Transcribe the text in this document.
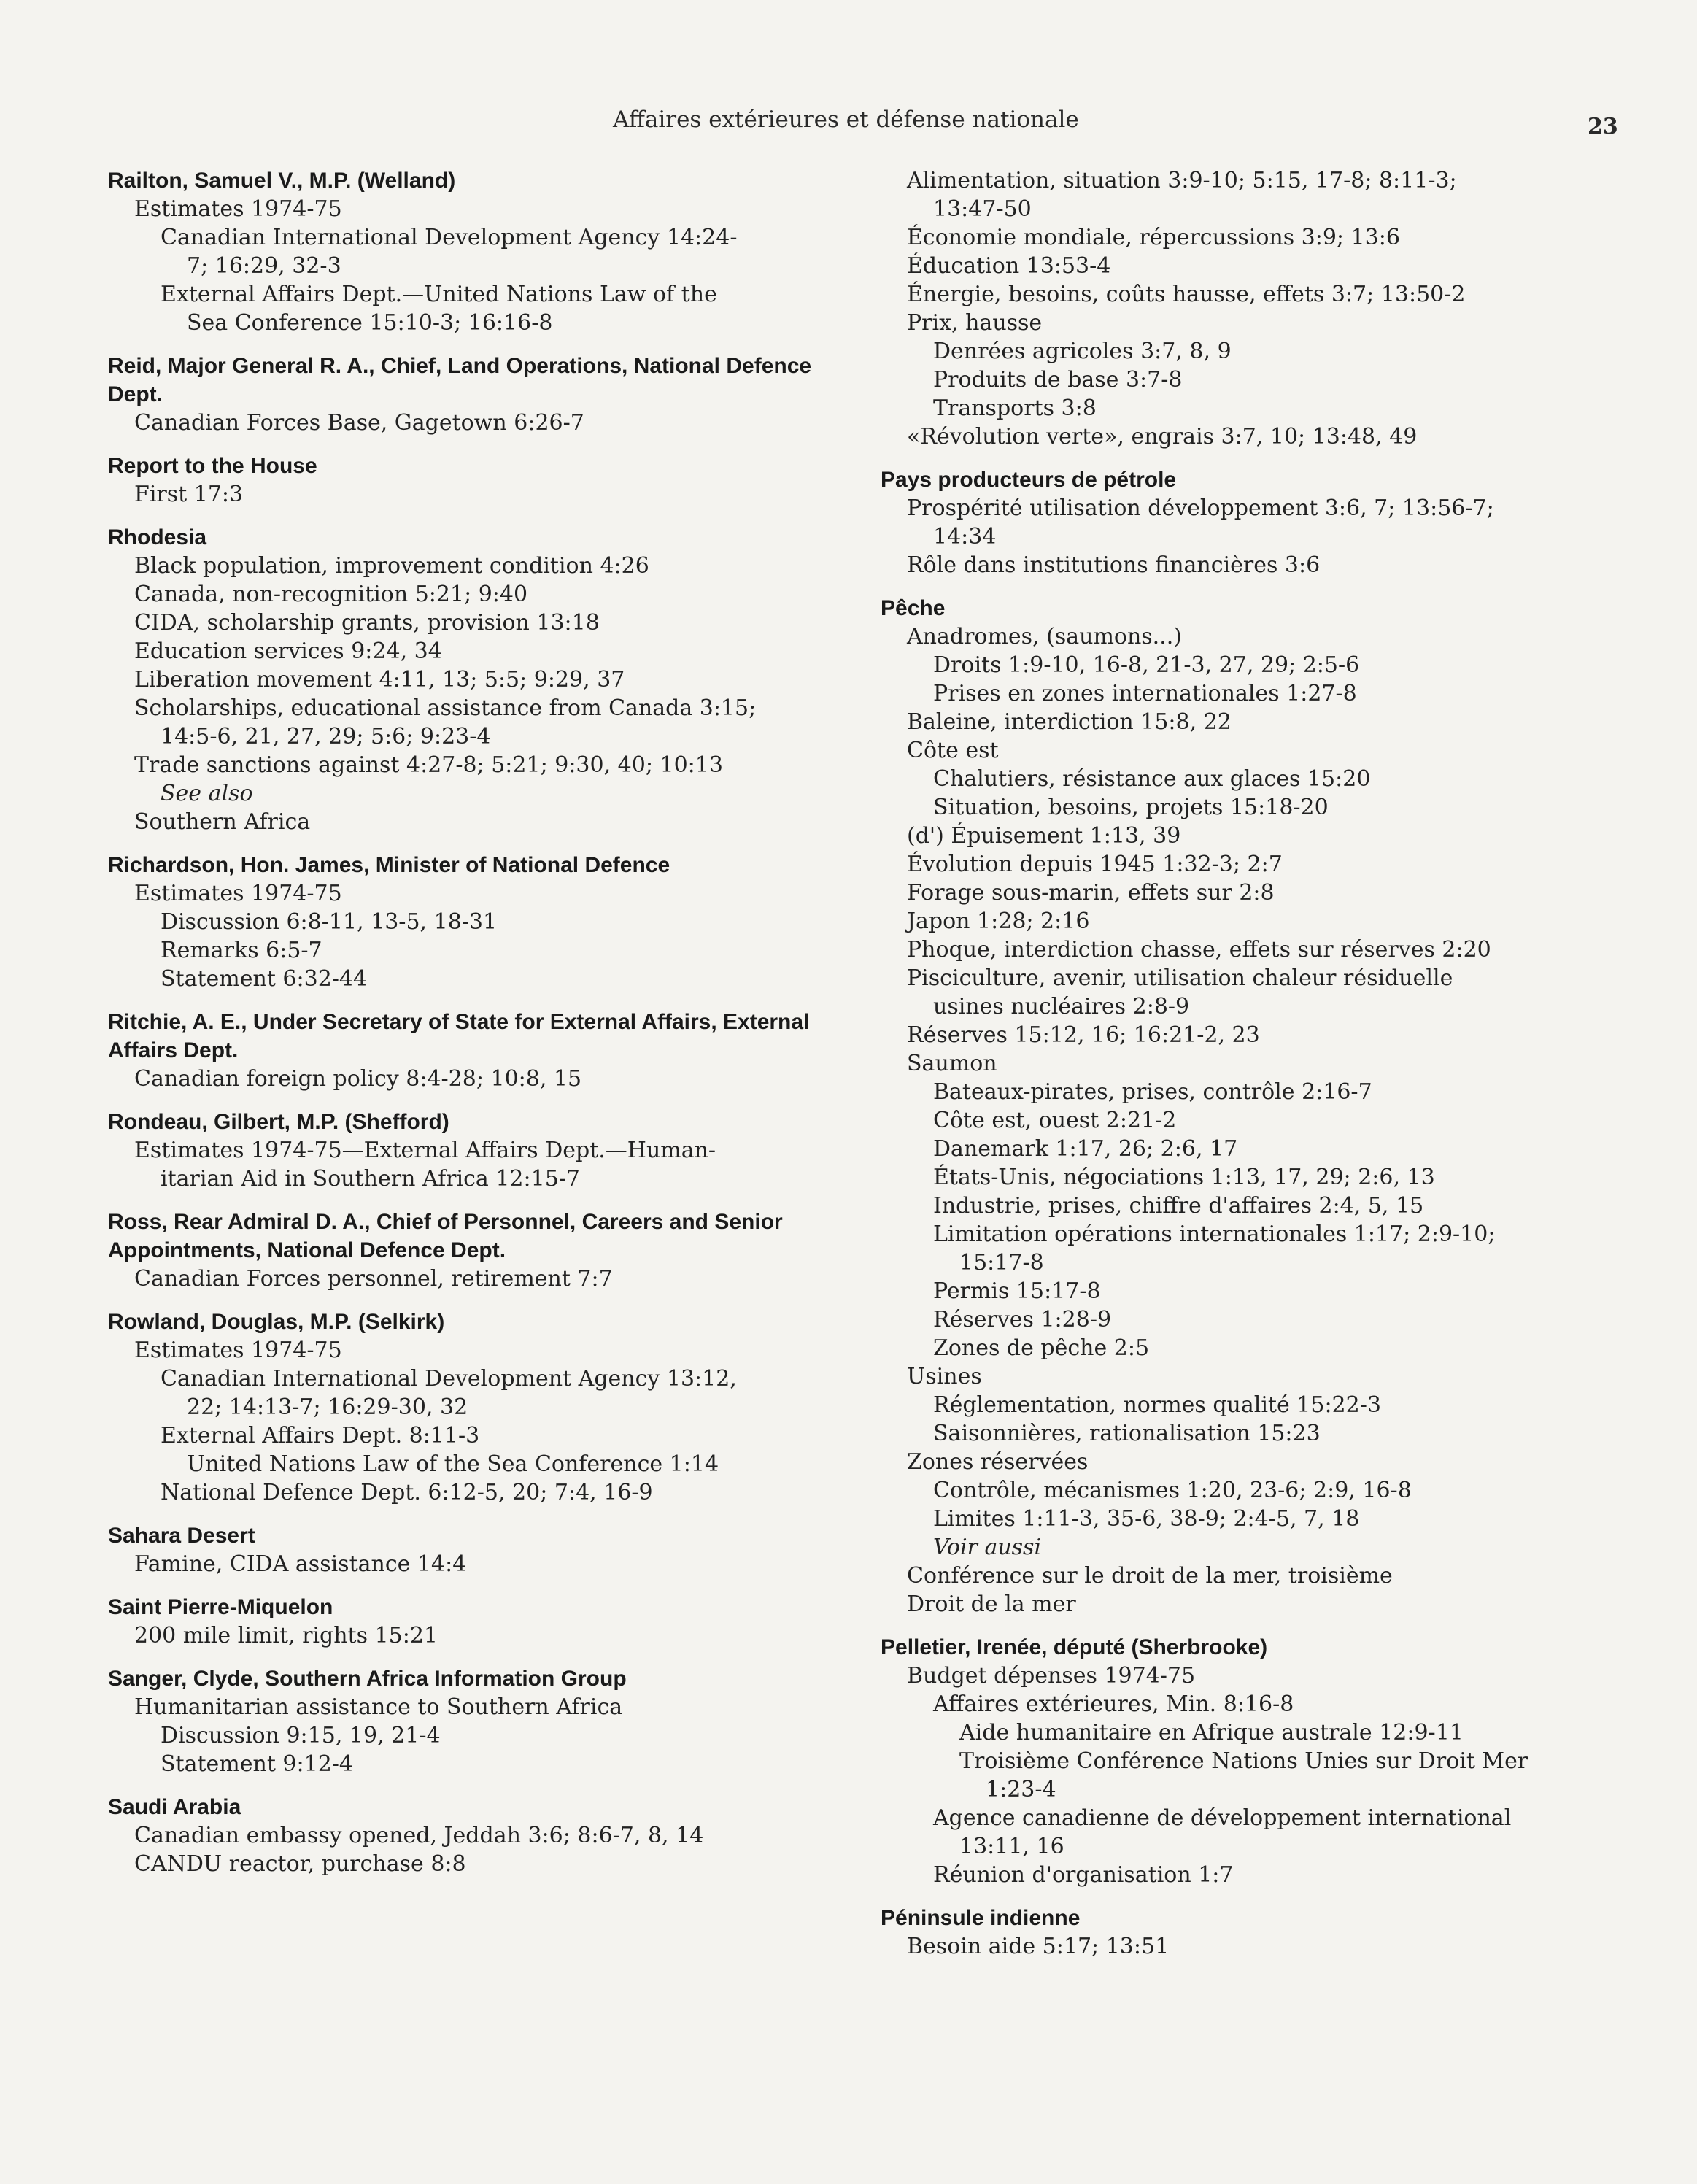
Affaires extérieures et défense nationale	23
Railton, Samuel V., M.P. (Welland)
Estimates 1974-75
Canadian International Development Agency 14:24-
7; 16:29, 32-3
External Affairs Dept.—United Nations Law of the
Sea Conference 15:10-3; 16:16-8
Reid, Major General R. A., Chief, Land Operations, National Defence Dept.
Canadian Forces Base, Gagetown 6:26-7
Report to the House
First 17:3
Rhodesia
Black population, improvement condition 4:26
Canada, non-recognition 5:21; 9:40
CIDA, scholarship grants, provision 13:18
Education services 9:24, 34
Liberation movement 4:11, 13; 5:5; 9:29, 37
Scholarships, educational assistance from Canada 3:15;
14:5-6, 21, 27, 29; 5:6; 9:23-4
Trade sanctions against 4:27-8; 5:21; 9:30, 40; 10:13
See also
Southern Africa
Richardson, Hon. James, Minister of National Defence
Estimates 1974-75
Discussion 6:8-11, 13-5, 18-31
Remarks 6:5-7
Statement 6:32-44
Ritchie, A. E., Under Secretary of State for External Affairs, External Affairs Dept.
Canadian foreign policy 8:4-28; 10:8, 15
Rondeau, Gilbert, M.P. (Shefford)
Estimates 1974-75—External Affairs Dept.—Human-
itarian Aid in Southern Africa 12:15-7
Ross, Rear Admiral D. A., Chief of Personnel, Careers and Senior Appointments, National Defence Dept.
Canadian Forces personnel, retirement 7:7
Rowland, Douglas, M.P. (Selkirk)
Estimates 1974-75
Canadian International Development Agency 13:12,
22; 14:13-7; 16:29-30, 32
External Affairs Dept. 8:11-3
United Nations Law of the Sea Conference 1:14
National Defence Dept. 6:12-5, 20; 7:4, 16-9
Sahara Desert
Famine, CIDA assistance 14:4
Saint Pierre-Miquelon
200 mile limit, rights 15:21
Sanger, Clyde, Southern Africa Information Group
Humanitarian assistance to Southern Africa
Discussion 9:15, 19, 21-4
Statement 9:12-4
Saudi Arabia
Canadian embassy opened, Jeddah 3:6; 8:6-7, 8, 14
CANDU reactor, purchase 8:8
Alimentation, situation 3:9-10; 5:15, 17-8; 8:11-3;
13:47-50
Économie mondiale, répercussions 3:9; 13:6
Éducation 13:53-4
Énergie, besoins, coûts hausse, effets 3:7; 13:50-2
Prix, hausse
Denrées agricoles 3:7, 8, 9
Produits de base 3:7-8
Transports 3:8
«Révolution verte», engrais 3:7, 10; 13:48, 49
Pays producteurs de pétrole
Prospérité utilisation développement 3:6, 7; 13:56-7;
14:34
Rôle dans institutions financières 3:6
Pêche
Anadromes, (saumons...)
Droits 1:9-10, 16-8, 21-3, 27, 29; 2:5-6
Prises en zones internationales 1:27-8
Baleine, interdiction 15:8, 22
Côte est
Chalutiers, résistance aux glaces 15:20
Situation, besoins, projets 15:18-20
(d') Épuisement 1:13, 39
Évolution depuis 1945 1:32-3; 2:7
Forage sous-marin, effets sur 2:8
Japon 1:28; 2:16
Phoque, interdiction chasse, effets sur réserves 2:20
Pisciculture, avenir, utilisation chaleur résiduelle
usines nucléaires 2:8-9
Réserves 15:12, 16; 16:21-2, 23
Saumon
Bateaux-pirates, prises, contrôle 2:16-7
Côte est, ouest 2:21-2
Danemark 1:17, 26; 2:6, 17
États-Unis, négociations 1:13, 17, 29; 2:6, 13
Industrie, prises, chiffre d'affaires 2:4, 5, 15
Limitation opérations internationales 1:17; 2:9-10;
15:17-8
Permis 15:17-8
Réserves 1:28-9
Zones de pêche 2:5
Usines
Réglementation, normes qualité 15:22-3
Saisonnières, rationalisation 15:23
Zones réservées
Contrôle, mécanismes 1:20, 23-6; 2:9, 16-8
Limites 1:11-3, 35-6, 38-9; 2:4-5, 7, 18
Voir aussi
Conférence sur le droit de la mer, troisième
Droit de la mer
Pelletier, Irenée, député (Sherbrooke)
Budget dépenses 1974-75
Affaires extérieures, Min. 8:16-8
Aide humanitaire en Afrique australe 12:9-11
Troisième Conférence Nations Unies sur Droit Mer
1:23-4
Agence canadienne de développement international
13:11, 16
Réunion d'organisation 1:7
Péninsule indienne
Besoin aide 5:17; 13:51
